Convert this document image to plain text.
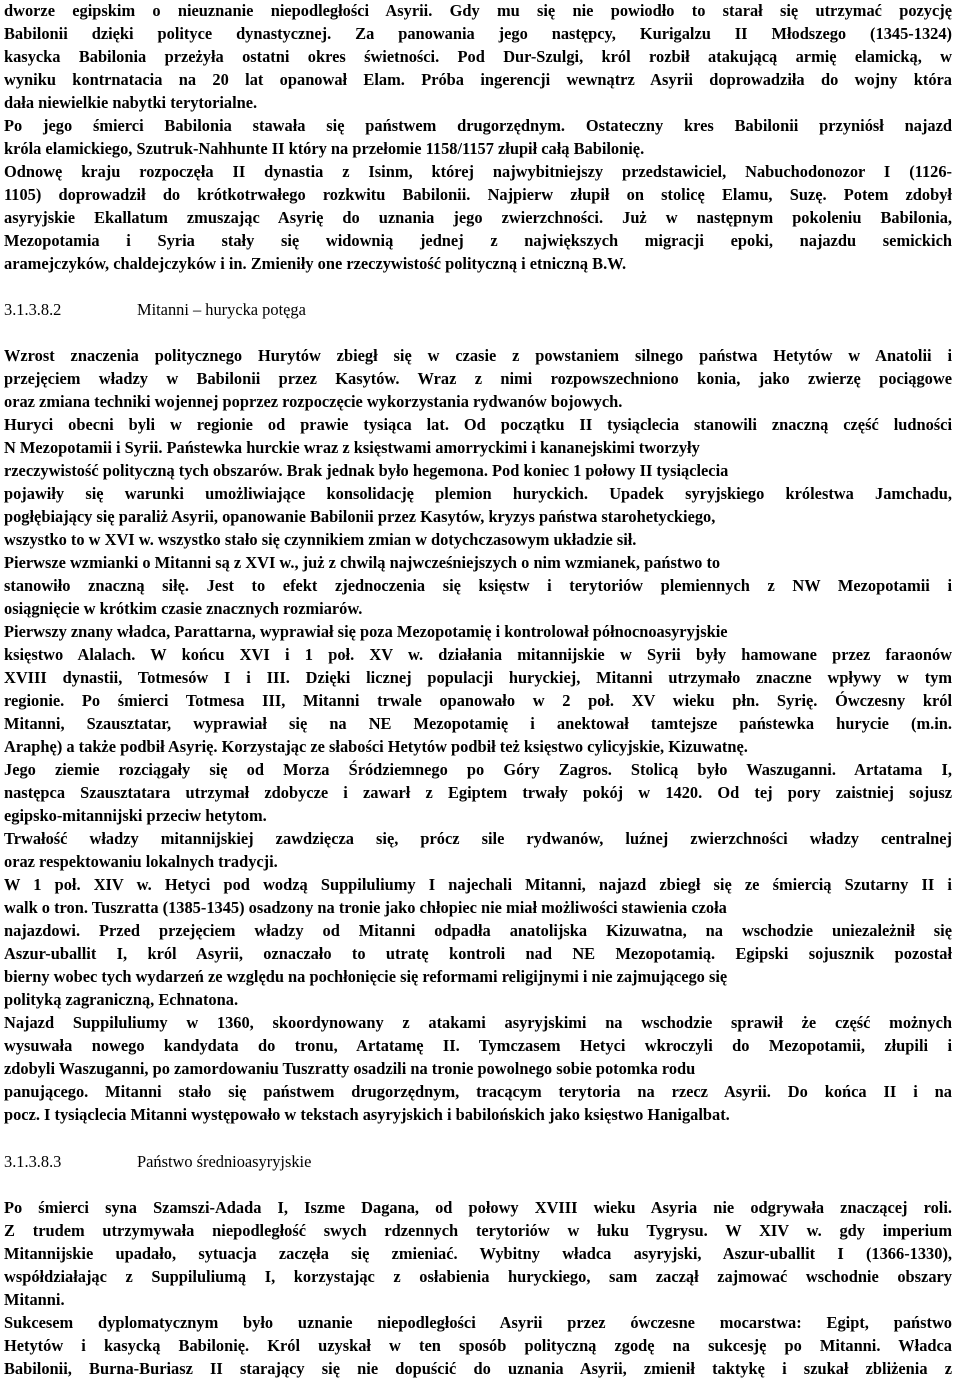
dworze egipskim o nieuznanie niepodległości Asyrii. Gdy mu się nie powiodło to starał się utrzymać pozycję
Babilonii dzięki polityce dynastycznej. Za panowania jego następcy, Kurigalzu II Młodszego (1345-1324)
kasycka Babilonia przeżyła ostatni okres świetności. Pod Dur-Szulgi, król rozbił atakującą armię elamicką, w
wyniku kontrnatacia na 20 lat opanował Elam. Próba ingerencji wewnątrz Asyrii doprowadziła do wojny która
dała niewielkie nabytki terytorialne.
Po jego śmierci Babilonia stawała się państwem drugorzędnym. Ostateczny kres Babilonii przyniósł najazd
króla elamickiego, Szutruk-Nahhunte II który na przełomie 1158/1157 złupił całą Babilonię.
Odnowę kraju rozpoczęła II dynastia z Isinm, której najwybitniejszy przedstawiciel, Nabuchodonozor I (1126-
1105) doprowadził do krótkotrwałego rozkwitu Babilonii. Najpierw złupił on stolicę Elamu, Suzę. Potem zdobył
asyryjskie Ekallatum zmuszając Asyrię do uznania jego zwierzchności. Już w następnym pokoleniu Babilonia,
Mezopotamia i Syria stały się widownią jednej z największych migracji epoki, najazdu semickich
aramejczyków, chaldejczyków i in. Zmieniły one rzeczywistość polityczną i etniczną B.W.
3.1.3.8.2	Mitanni – hurycka potęga
Wzrost znaczenia politycznego Hurytów zbiegł się w czasie z powstaniem silnego państwa Hetytów w Anatolii i
przejęciem władzy w Babilonii przez Kasytów. Wraz z nimi rozpowszechniono konia, jako zwierzę pociągowe
oraz zmiana techniki wojennej poprzez rozpoczęcie wykorzystania rydwanów bojowych.
Huryci obecni byli w regionie od prawie tysiąca lat. Od początku II tysiąclecia stanowili znaczną część ludności
N Mezopotamii i Syrii. Państewka hurckie wraz z księstwami amorryckimi i kananejskimi tworzyły
rzeczywistość polityczną tych obszarów. Brak jednak było hegemona. Pod koniec 1 połowy II tysiąclecia
pojawiły się warunki umożliwiające konsolidację plemion huryckich. Upadek syryjskiego królestwa Jamchadu,
pogłębiający się paraliż Asyrii, opanowanie Babilonii przez Kasytów, kryzys państwa starohetyckiego,
wszystko to w XVI w. wszystko stało się czynnikiem zmian w dotychczasowym układzie sił.
Pierwsze wzmianki o Mitanni są z XVI w., już z chwilą najwcześniejszych o nim wzmianek, państwo to
stanowiło znaczną siłę. Jest to efekt zjednoczenia się księstw i terytoriów plemiennych z NW Mezopotamii i
osiągnięcie w krótkim czasie znacznych rozmiarów.
Pierwszy znany władca, Parattarna, wyprawiał się poza Mezopotamię i kontrolował północnoasyryjskie
księstwo Alalach. W końcu XVI i 1 poł. XV w. działania mitannijskie w Syrii były hamowane przez faraonów
XVIII dynastii, Totmesów I i III. Dzięki licznej populacji huryckiej, Mitanni utrzymało znaczne wpływy w tym
regionie. Po śmierci Totmesa III, Mitanni trwale opanowało w 2 poł. XV wieku płn. Syrię. Ówczesny król
Mitanni, Szausztatar, wyprawiał się na NE Mezopotamię i anektował tamtejsze państewka hurycie (m.in.
Araphę) a także podbił Asyrię. Korzystając ze słabości Hetytów podbił też księstwo cylicyjskie, Kizuwatnę.
Jego ziemie rozciągały się od Morza Śródziemnego po Góry Zagros. Stolicą było Waszuganni. Artatama I,
następca Szausztatara utrzymał zdobycze i zawarł z Egiptem trwały pokój w 1420. Od tej pory zaistniej sojusz
egipsko-mitannijski przeciw hetytom.
Trwałość władzy mitannijskiej zawdzięcza się, prócz sile rydwanów, luźnej zwierzchności władzy centralnej
oraz respektowaniu lokalnych tradycji.
W 1 poł. XIV w. Hetyci pod wodzą Suppiluliumy I najechali Mitanni, najazd zbiegł się ze śmiercią Szutarny II i
walk o tron. Tuszratta (1385-1345) osadzony na tronie jako chłopiec nie miał możliwości stawienia czoła
najazdowi. Przed przejęciem władzy od Mitanni odpadła anatolijska Kizuwatna, na wschodzie uniezależnił się
Aszur-uballit I, król Asyrii, oznaczało to utratę kontroli nad NE Mezopotamią. Egipski sojusznik pozostał
bierny wobec tych wydarzeń ze względu na pochłonięcie się reformami religijnymi i nie zajmującego się
polityką zagraniczną, Echnatona.
Najazd Suppiluliumy w 1360, skoordynowany z atakami asyryjskimi na wschodzie sprawił że część możnych
wysuwała nowego kandydata do tronu, Artatamę II. Tymczasem Hetyci wkroczyli do Mezopotamii, złupili i
zdobyli Waszuganni, po zamordowaniu Tuszratty osadzili na tronie powolnego sobie potomka rodu
panującego. Mitanni stało się państwem drugorzędnym, tracącym terytoria na rzecz Asyrii. Do końca II i na
pocz. I tysiąclecia Mitanni występowało w tekstach asyryjskich i babilońskich jako księstwo Hanigalbat.
3.1.3.8.3	Państwo średnioasyryjskie
Po śmierci syna Szamszi-Adada I, Iszme Dagana, od połowy XVIII wieku Asyria nie odgrywała znaczącej roli.
Z trudem utrzymywała niepodległość swych rdzennych terytoriów w łuku Tygrysu. W XIV w. gdy imperium
Mitannijskie upadało, sytuacja zaczęła się zmieniać. Wybitny władca asyryjski, Aszur-uballit I (1366-1330),
współdziałając z Suppiluliumą I, korzystając z osłabienia huryckiego, sam zaczął zajmować wschodnie obszary
Mitanni.
Sukcesem dyplomatycznym było uznanie niepodległości Asyrii przez ówczesne mocarstwa: Egipt, państwo
Hetytów i kasycką Babilonię. Król uzyskał w ten sposób polityczną zgodę na sukcesję po Mitanni. Władca
Babilonii, Burna-Buriasz II starający się nie dopuścić do uznania Asyrii, zmienił taktykę i szukał zbliżenia z
